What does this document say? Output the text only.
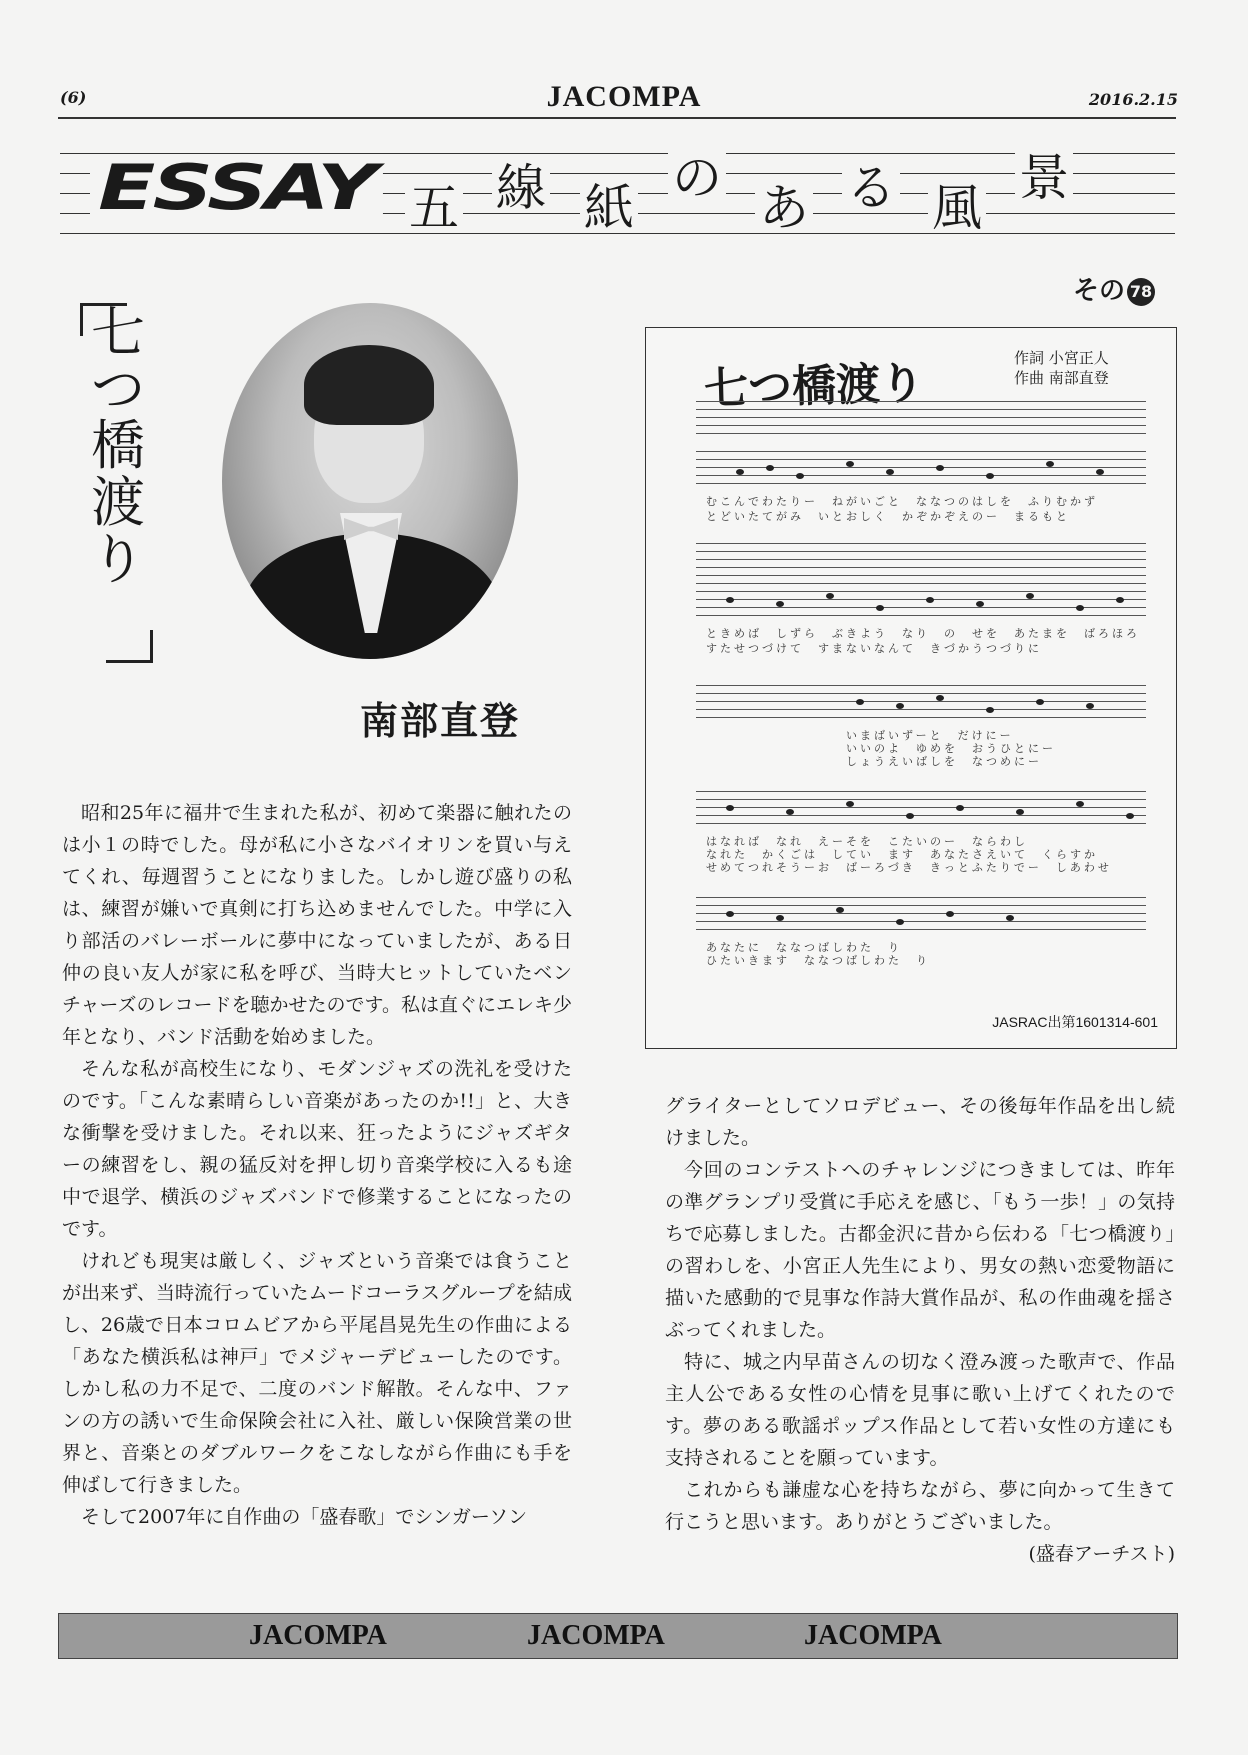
(6)	JACOMPA	2016.2.15
ESSAY 五 線 紙
の
あ る 風
景
その 78
七
つ
橋
渡
り
南部直登
七つ橋渡り
作詞 小宮正人
作曲 南部直登
むこんでわたりー　ねがいごと　ななつのはしを　ふりむかず
とどいたてがみ　いとおしく　かぞかぞえのー　まるもと
ときめば　しずら　ぶきよう　なり　の　せを　あたまを　ばろほろ
すたせつづけて　すまないなんて　きづかうつづりに
いまばいずーと　だけにー
いいのよ　ゆめを　おうひとにー
しょうえいばしを　なつめにー
はなれば　なれ　えーそを　こたいのー　ならわし
なれた　かくごは　してい　ます　あなたさえいて　くらすか
せめてつれそうーお　ばーろづき　きっとふたりでー　しあわせ
あなたに　ななつばしわた　り
ひたいきます　ななつばしわた　り
JASRAC出第1601314-601

昭和25年に福井で生まれた私が、初めて楽器に触れたのは小１の時でした。母が私に小さなバイオリンを買い与えてくれ、毎週習うことになりました。しかし遊び盛りの私は、練習が嫌いで真剣に打ち込めませんでした。中学に入り部活のバレーボールに夢中になっていましたが、ある日仲の良い友人が家に私を呼び、当時大ヒットしていたベンチャーズのレコードを聴かせたのです。私は直ぐにエレキ少年となり、バンド活動を始めました。

そんな私が高校生になり、モダンジャズの洗礼を受けたのです。「こんな素晴らしい音楽があったのか!!」と、大きな衝撃を受けました。それ以来、狂ったようにジャズギターの練習をし、親の猛反対を押し切り音楽学校に入るも途中で退学、横浜のジャズバンドで修業することになったのです。

けれども現実は厳しく、ジャズという音楽では食うことが出来ず、当時流行っていたムードコーラスグループを結成し、26歳で日本コロムビアから平尾昌晃先生の作曲による「あなた横浜私は神戸」でメジャーデビューしたのです。しかし私の力不足で、二度のバンド解散。そんな中、ファンの方の誘いで生命保険会社に入社、厳しい保険営業の世界と、音楽とのダブルワークをこなしながら作曲にも手を伸ばして行きました。

そして2007年に自作曲の「盛春歌」でシンガーソン

グライターとしてソロデビュー、その後毎年作品を出し続けました。

今回のコンテストへのチャレンジにつきましては、昨年の準グランプリ受賞に手応えを感じ、「もう一歩！」の気持ちで応募しました。古都金沢に昔から伝わる「七つ橋渡り」の習わしを、小宮正人先生により、男女の熱い恋愛物語に描いた感動的で見事な作詩大賞作品が、私の作曲魂を揺さぶってくれました。

特に、城之内早苗さんの切なく澄み渡った歌声で、作品主人公である女性の心情を見事に歌い上げてくれたのです。夢のある歌謡ポップス作品として若い女性の方達にも支持されることを願っています。

これからも謙虚な心を持ちながら、夢に向かって生きて行こうと思います。ありがとうございました。

(盛春アーチスト)

JACOMPA	JACOMPA	JACOMPA
